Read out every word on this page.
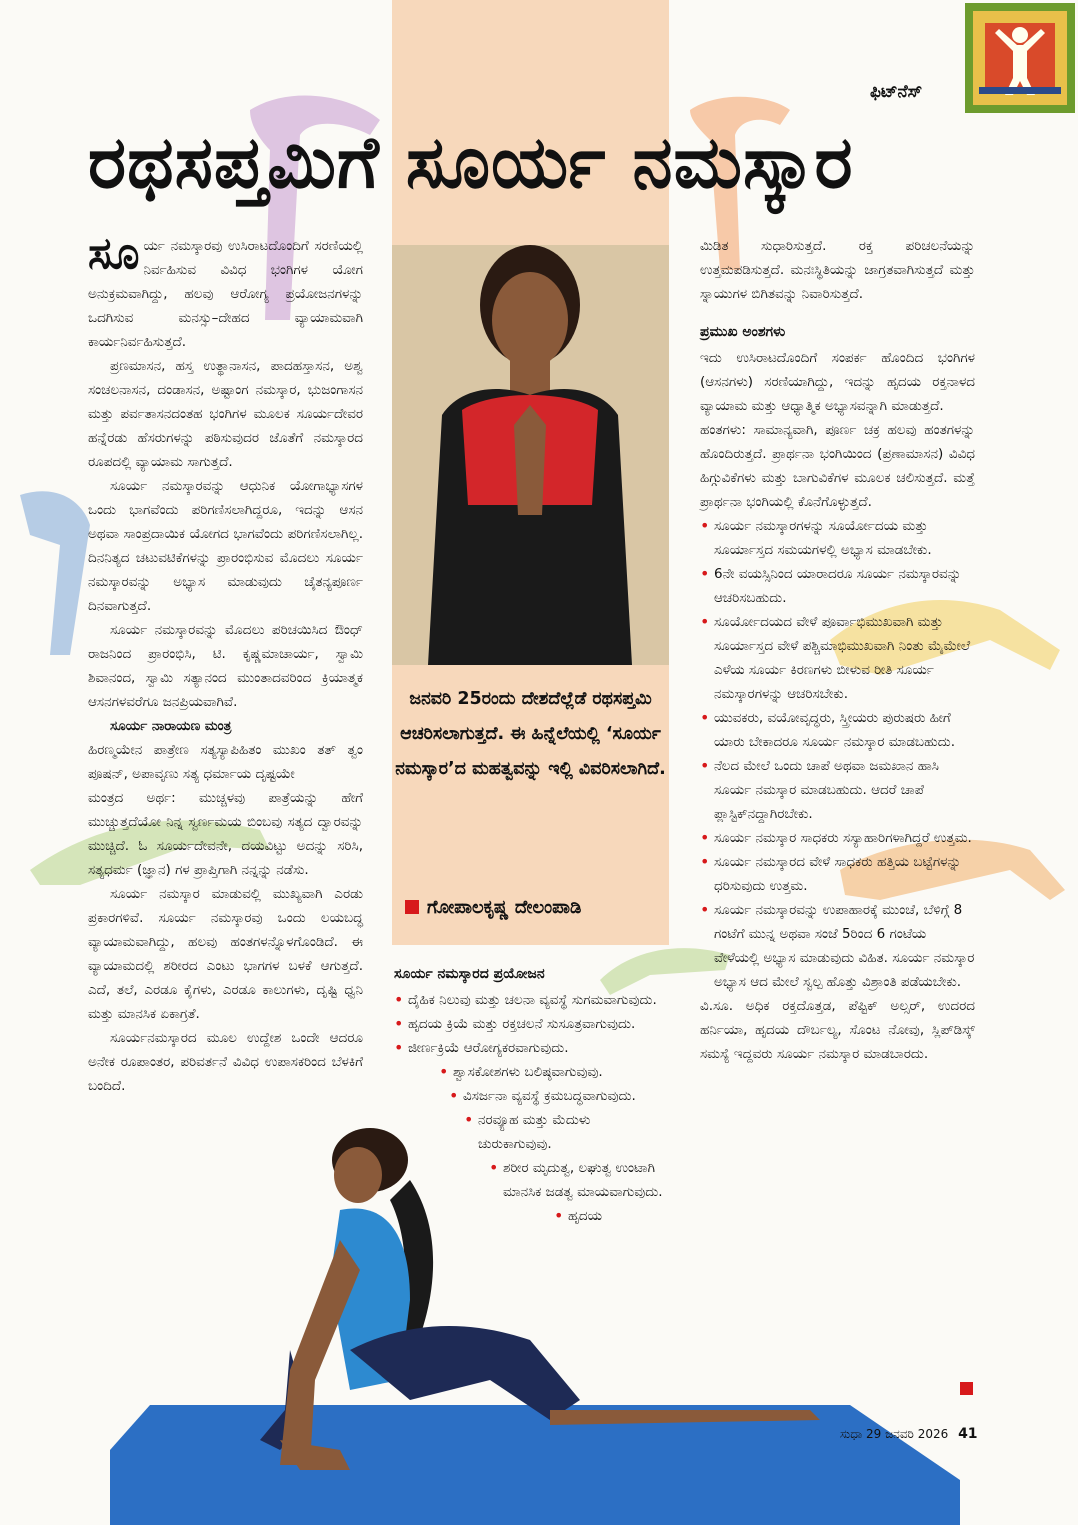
ಫಿಟ್‌ನೆಸ್
ರಥಸಪ್ತಮಿಗೆ ಸೂರ್ಯ ನಮಸ್ಕಾರ

ಸೂರ್ಯ ನಮಸ್ಕಾರವು ಉಸಿರಾಟದೊಂದಿಗೆ ಸರಣಿಯಲ್ಲಿ ನಿರ್ವಹಿಸುವ ವಿವಿಧ ಭಂಗಿಗಳ ಯೋಗ ಅನುಕ್ರಮವಾಗಿದ್ದು, ಹಲವು ಆರೋಗ್ಯ ಪ್ರಯೋಜನಗಳನ್ನು ಒದಗಿಸುವ ಮನಸ್ಸು–ದೇಹದ ವ್ಯಾಯಾಮವಾಗಿ ಕಾರ್ಯನಿರ್ವಹಿಸುತ್ತದೆ.

ಪ್ರಣಮಾಸನ, ಹಸ್ತ ಉತ್ಥಾನಾಸನ, ಪಾದಹಸ್ತಾಸನ, ಅಶ್ವ ಸಂಚಲನಾಸನ, ದಂಡಾಸನ, ಅಷ್ಟಾಂಗ ನಮಸ್ಕಾರ, ಭುಜಂಗಾಸನ ಮತ್ತು ಪರ್ವತಾಸನದಂತಹ ಭಂಗಿಗಳ ಮೂಲಕ ಸೂರ್ಯದೇವರ ಹನ್ನೆರಡು ಹೆಸರುಗಳನ್ನು ಪಠಿಸುವುದರ ಜೊತೆಗೆ ನಮಸ್ಕಾರದ ರೂಪದಲ್ಲಿ ವ್ಯಾಯಾಮ ಸಾಗುತ್ತದೆ.

ಸೂರ್ಯ ನಮಸ್ಕಾರವನ್ನು ಆಧುನಿಕ ಯೋಗಾಭ್ಯಾಸಗಳ ಒಂದು ಭಾಗವೆಂದು ಪರಿಗಣಿಸಲಾಗಿದ್ದರೂ, ಇದನ್ನು ಆಸನ ಅಥವಾ ಸಾಂಪ್ರದಾಯಿಕ ಯೋಗದ ಭಾಗವೆಂದು ಪರಿಗಣಿಸಲಾಗಿಲ್ಲ. ದಿನನಿತ್ಯದ ಚಟುವಟಿಕೆಗಳನ್ನು ಪ್ರಾರಂಭಿಸುವ ಮೊದಲು ಸೂರ್ಯ ನಮಸ್ಕಾರವನ್ನು ಅಭ್ಯಾಸ ಮಾಡುವುದು ಚೈತನ್ಯಪೂರ್ಣ ದಿನವಾಗುತ್ತದೆ.

ಸೂರ್ಯ ನಮಸ್ಕಾರವನ್ನು ಮೊದಲು ಪರಿಚಯಿಸಿದ ಔಂಧ್ ರಾಜನಿಂದ ಪ್ರಾರಂಭಿಸಿ, ಟಿ. ಕೃಷ್ಣಮಾಚಾರ್ಯ, ಸ್ವಾಮಿ ಶಿವಾನಂದ, ಸ್ವಾಮಿ ಸತ್ಯಾನಂದ ಮುಂತಾದವರಿಂದ ಕ್ರಿಯಾತ್ಮಕ ಆಸನಗಳವರೆಗೂ ಜನಪ್ರಿಯವಾಗಿವೆ.

ಸೂರ್ಯ ನಾರಾಯಣ ಮಂತ್ರ

ಹಿರಣ್ಮಯೇನ ಪಾತ್ರೇಣ ಸತ್ಯಸ್ಯಾಪಿಹಿತಂ ಮುಖಂ ತತ್ ತ್ವಂ ಪೂಷನ್, ಅಪಾವೃಣು ಸತ್ಯ ಧರ್ಮಾಯ ದೃಷ್ಟಯೇ

ಮಂತ್ರದ ಅರ್ಥ: ಮುಚ್ಚಳವು ಪಾತ್ರೆಯನ್ನು ಹೇಗೆ ಮುಚ್ಚುತ್ತದೆಯೋ ನಿನ್ನ ಸ್ವರ್ಣಮಯ ಬಿಂಬವು ಸತ್ಯದ ದ್ವಾರವನ್ನು ಮುಚ್ಚಿದೆ. ಓ ಸೂರ್ಯದೇವನೇ, ದಯವಿಟ್ಟು ಅದನ್ನು ಸರಿಸಿ, ಸತ್ಯಧರ್ಮ (ಜ್ಞಾನ) ಗಳ ಪ್ರಾಪ್ತಿಗಾಗಿ ನನ್ನನ್ನು ನಡೆಸು.

ಸೂರ್ಯ ನಮಸ್ಕಾರ ಮಾಡುವಲ್ಲಿ ಮುಖ್ಯವಾಗಿ ಎರಡು ಪ್ರಕಾರಗಳಿವೆ. ಸೂರ್ಯ ನಮಸ್ಕಾರವು ಒಂದು ಲಯಬದ್ಧ ವ್ಯಾಯಾಮವಾಗಿದ್ದು, ಹಲವು ಹಂತಗಳನ್ನೊಳಗೊಂಡಿದೆ. ಈ ವ್ಯಾಯಾಮದಲ್ಲಿ ಶರೀರದ ಎಂಟು ಭಾಗಗಳ ಬಳಕೆ ಆಗುತ್ತದೆ. ಎದೆ, ತಲೆ, ಎರಡೂ ಕೈಗಳು, ಎರಡೂ ಕಾಲುಗಳು, ದೃಷ್ಟಿ ಧ್ವನಿ ಮತ್ತು ಮಾನಸಿಕ ಏಕಾಗ್ರತೆ.

ಸೂರ್ಯನಮಸ್ಕಾರದ ಮೂಲ ಉದ್ದೇಶ ಒಂದೇ ಆದರೂ ಅನೇಕ ರೂಪಾಂತರ, ಪರಿವರ್ತನೆ ವಿವಿಧ ಉಪಾಸಕರಿಂದ ಬೆಳಕಿಗೆ ಬಂದಿದೆ.

ಜನವರಿ 25ರಂದು ದೇಶದೆಲ್ಲೆಡೆ ರಥಸಪ್ತಮಿ ಆಚರಿಸಲಾಗುತ್ತದೆ. ಈ ಹಿನ್ನೆಲೆಯಲ್ಲಿ ‘ಸೂರ್ಯ ನಮಸ್ಕಾರ’ದ ಮಹತ್ವವನ್ನು ಇಲ್ಲಿ ವಿವರಿಸಲಾಗಿದೆ.
ಗೋಪಾಲಕೃಷ್ಣ ದೇಲಂಪಾಡಿ
ಸೂರ್ಯ ನಮಸ್ಕಾರದ ಪ್ರಯೋಜನ
• ದೈಹಿಕ ನಿಲುವು ಮತ್ತು ಚಲನಾ ವ್ಯವಸ್ಥೆ ಸುಗಮವಾಗುವುದು.
• ಹೃದಯ ಕ್ರಿಯೆ ಮತ್ತು ರಕ್ತಚಲನೆ ಸುಸೂತ್ರವಾಗುವುದು.
• ಜೀರ್ಣಕ್ರಿಯೆ ಆರೋಗ್ಯಕರವಾಗುವುದು.
• ಶ್ವಾಸಕೋಶಗಳು ಬಲಿಷ್ಠವಾಗುವುವು.
• ವಿಸರ್ಜನಾ ವ್ಯವಸ್ಥೆ ಕ್ರಮಬದ್ಧವಾಗುವುದು.
• ನರವ್ಯೂಹ ಮತ್ತು ಮೆದುಳು ಚುರುಕಾಗುವುವು.
• ಶರೀರ ಮೃದುತ್ವ, ಲಘುತ್ವ ಉಂಟಾಗಿ ಮಾನಸಿಕ ಜಡತ್ವ ಮಾಯವಾಗುವುದು.
• ಹೃದಯ

ಮಿಡಿತ ಸುಧಾರಿಸುತ್ತದೆ. ರಕ್ತ ಪರಿಚಲನೆಯನ್ನು ಉತ್ತಮಪಡಿಸುತ್ತದೆ. ಮನಃಸ್ಥಿತಿಯನ್ನು ಜಾಗ್ರತವಾಗಿಸುತ್ತದೆ ಮತ್ತು ಸ್ನಾಯುಗಳ ಬಿಗಿತವನ್ನು ನಿವಾರಿಸುತ್ತದೆ.

ಪ್ರಮುಖ ಅಂಶಗಳು

ಇದು ಉಸಿರಾಟದೊಂದಿಗೆ ಸಂಪರ್ಕ ಹೊಂದಿದ ಭಂಗಿಗಳ (ಆಸನಗಳು) ಸರಣಿಯಾಗಿದ್ದು, ಇದನ್ನು ಹೃದಯ ರಕ್ತನಾಳದ ವ್ಯಾಯಾಮ ಮತ್ತು ಆಧ್ಯಾತ್ಮಿಕ ಅಭ್ಯಾಸವನ್ನಾಗಿ ಮಾಡುತ್ತದೆ.

ಹಂತಗಳು: ಸಾಮಾನ್ಯವಾಗಿ, ಪೂರ್ಣ ಚಕ್ರ ಹಲವು ಹಂತಗಳನ್ನು ಹೊಂದಿರುತ್ತದೆ. ಪ್ರಾರ್ಥನಾ ಭಂಗಿಯಿಂದ (ಪ್ರಣಾಮಾಸನ) ವಿವಿಧ ಹಿಗ್ಗುವಿಕೆಗಳು ಮತ್ತು ಬಾಗುವಿಕೆಗಳ ಮೂಲಕ ಚಲಿಸುತ್ತದೆ. ಮತ್ತೆ ಪ್ರಾರ್ಥನಾ ಭಂಗಿಯಲ್ಲಿ ಕೊನೆಗೊಳ್ಳುತ್ತದೆ.

• ಸೂರ್ಯ ನಮಸ್ಕಾರಗಳನ್ನು ಸೂರ್ಯೋದಯ ಮತ್ತು ಸೂರ್ಯಾಸ್ತದ ಸಮಯಗಳಲ್ಲಿ ಅಭ್ಯಾಸ ಮಾಡಬೇಕು.
• 6ನೇ ವಯಸ್ಸಿನಿಂದ ಯಾರಾದರೂ ಸೂರ್ಯ ನಮಸ್ಕಾರವನ್ನು ಆಚರಿಸಬಹುದು.
• ಸೂರ್ಯೋದಯದ ವೇಳೆ ಪೂರ್ವಾಭಿಮುಖವಾಗಿ ಮತ್ತು ಸೂರ್ಯಾಸ್ತದ ವೇಳೆ ಪಶ್ಚಿಮಾಭಿಮುಖವಾಗಿ ನಿಂತು ಮೈಮೇಲೆ ಎಳೆಯ ಸೂರ್ಯ ಕಿರಣಗಳು ಬೀಳುವ ರೀತಿ ಸೂರ್ಯ ನಮಸ್ಕಾರಗಳನ್ನು ಆಚರಿಸಬೇಕು.
• ಯುವಕರು, ವಯೋವೃದ್ಧರು, ಸ್ತ್ರೀಯರು ಪುರುಷರು ಹೀಗೆ ಯಾರು ಬೇಕಾದರೂ ಸೂರ್ಯ ನಮಸ್ಕಾರ ಮಾಡಬಹುದು.
• ನೆಲದ ಮೇಲೆ ಒಂದು ಚಾಪೆ ಅಥವಾ ಜಮಖಾನ ಹಾಸಿ ಸೂರ್ಯ ನಮಸ್ಕಾರ ಮಾಡಬಹುದು. ಆದರೆ ಚಾಪೆ ಪ್ಲಾಸ್ಟಿಕ್‌ನದ್ದಾಗಿರಬೇಕು.
• ಸೂರ್ಯ ನಮಸ್ಕಾರ ಸಾಧಕರು ಸಸ್ಯಾಹಾರಿಗಳಾಗಿದ್ದರೆ ಉತ್ತಮ.
• ಸೂರ್ಯ ನಮಸ್ಕಾರದ ವೇಳೆ ಸಾಧಕರು ಹತ್ತಿಯ ಬಟ್ಟೆಗಳನ್ನು ಧರಿಸುವುದು ಉತ್ತಮ.
• ಸೂರ್ಯ ನಮಸ್ಕಾರವನ್ನು ಉಪಾಹಾರಕ್ಕೆ ಮುಂಚೆ, ಬೆಳಿಗ್ಗೆ 8 ಗಂಟೆಗೆ ಮುನ್ನ ಅಥವಾ ಸಂಜೆ 5ರಿಂದ 6 ಗಂಟೆಯ ವೇಳೆಯಲ್ಲಿ ಅಭ್ಯಾಸ ಮಾಡುವುದು ವಿಹಿತ. ಸೂರ್ಯ ನಮಸ್ಕಾರ ಅಭ್ಯಾಸ ಆದ ಮೇಲೆ ಸ್ವಲ್ಪ ಹೊತ್ತು ವಿಶ್ರಾಂತಿ ಪಡೆಯಬೇಕು.

ವಿ.ಸೂ. ಅಧಿಕ ರಕ್ತದೊತ್ತಡ, ಪೆಪ್ಟಿಕ್ ಅಲ್ಸರ್, ಉದರದ ಹರ್ನಿಯಾ, ಹೃದಯ ದೌರ್ಬಲ್ಯ, ಸೊಂಟ ನೋವು, ಸ್ಲಿಪ್‌ಡಿಸ್ಕ್ ಸಮಸ್ಯೆ ಇದ್ದವರು ಸೂರ್ಯ ನಮಸ್ಕಾರ ಮಾಡಬಾರದು.

ಸುಧಾ 29 ಜನವರಿ 2026 41
